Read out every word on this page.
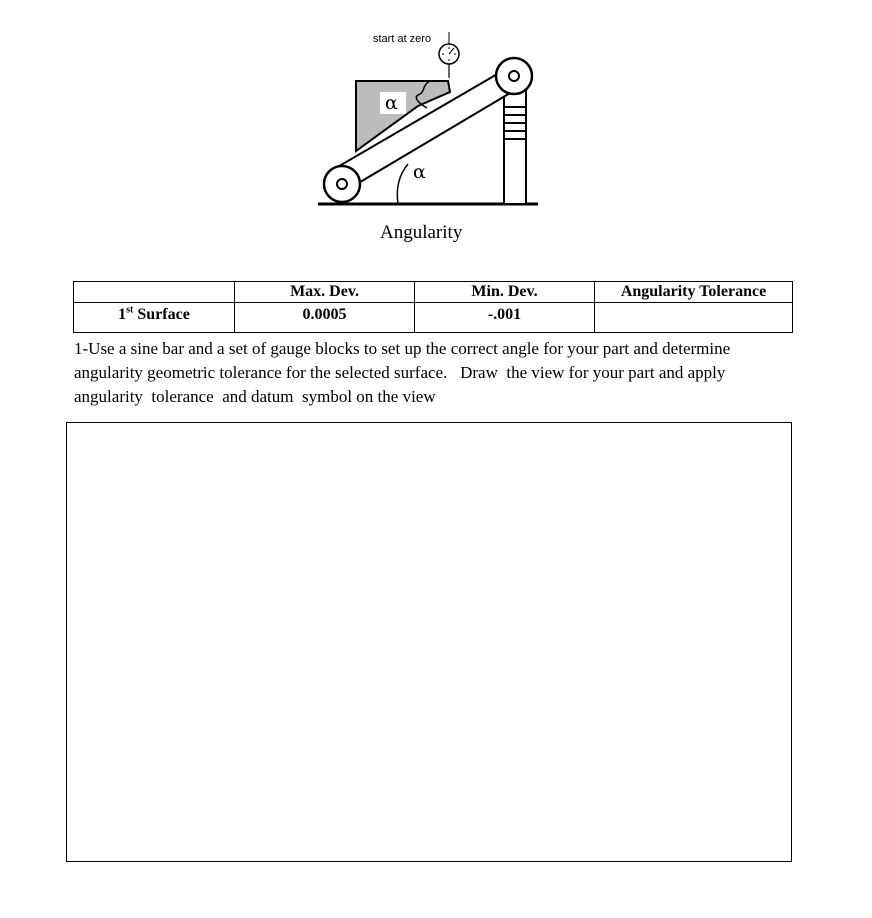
start at zero
α
α
Angularity
	Max. Dev.	Min. Dev.	Angularity Tolerance
1st Surface	0.0005	-.001	
1-Use a sine bar and a set of gauge blocks to set up the correct angle for your part and determine
angularity geometric tolerance for the selected surface.   Draw  the view for your part and apply
angularity  tolerance  and datum  symbol on the view
